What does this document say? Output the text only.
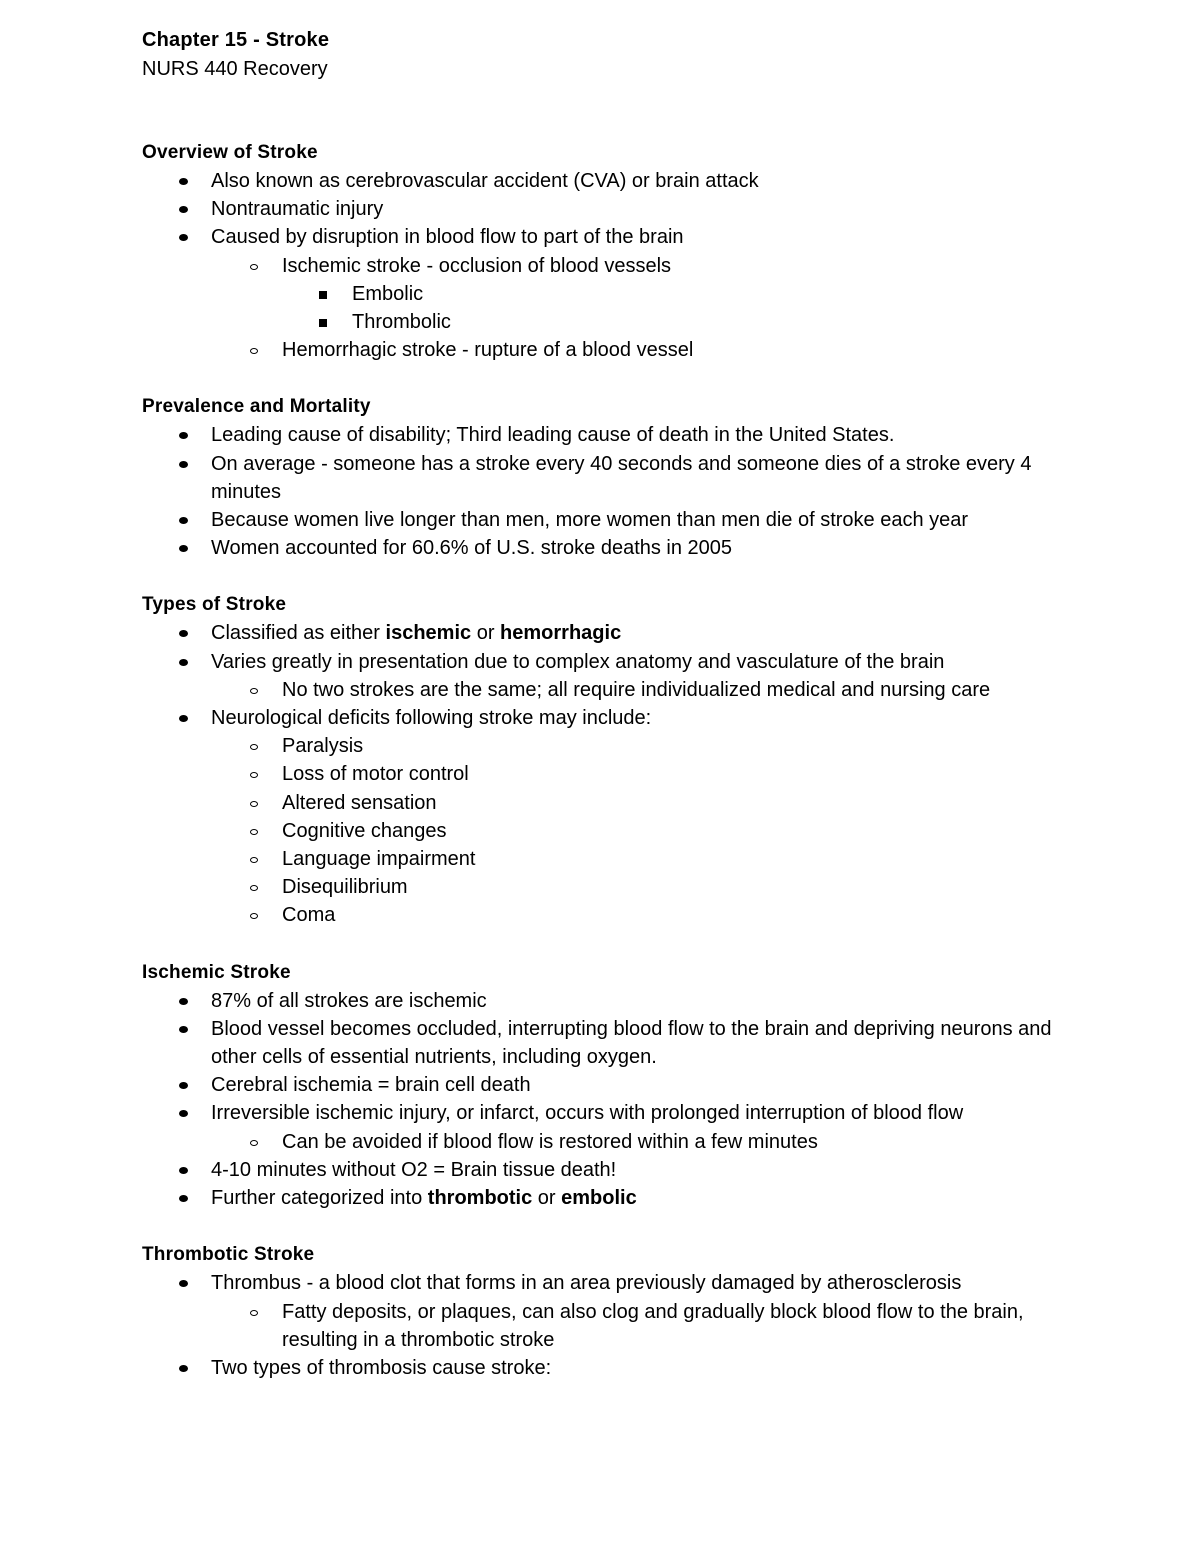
Chapter 15 - Stroke

NURS 440 Recovery

Overview of Stroke

Also known as cerebrovascular accident (CVA) or brain attack
Nontraumatic injury
Caused by disruption in blood flow to part of the brain
Ischemic stroke - occlusion of blood vessels
Embolic
Thrombolic
Hemorrhagic stroke - rupture of a blood vessel

Prevalence and Mortality

Leading cause of disability; Third leading cause of death in the United States.
On average - someone has a stroke every 40 seconds and someone dies of a stroke every 4 minutes
Because women live longer than men, more women than men die of stroke each year
Women accounted for 60.6% of U.S. stroke deaths in 2005

Types of Stroke

Classified as either ischemic or hemorrhagic
Varies greatly in presentation due to complex anatomy and vasculature of the brain
No two strokes are the same; all require individualized medical and nursing care
Neurological deficits following stroke may include:
Paralysis
Loss of motor control
Altered sensation
Cognitive changes
Language impairment
Disequilibrium
Coma

Ischemic Stroke

87% of all strokes are ischemic
Blood vessel becomes occluded, interrupting blood flow to the brain and depriving neurons and other cells of essential nutrients, including oxygen.
Cerebral ischemia = brain cell death
Irreversible ischemic injury, or infarct, occurs with prolonged interruption of blood flow
Can be avoided if blood flow is restored within a few minutes
4-10 minutes without O2 = Brain tissue death!
Further categorized into thrombotic or embolic

Thrombotic Stroke

Thrombus - a blood clot that forms in an area previously damaged by atherosclerosis
Fatty deposits, or plaques, can also clog and gradually block blood flow to the brain, resulting in a thrombotic stroke
Two types of thrombosis cause stroke:
